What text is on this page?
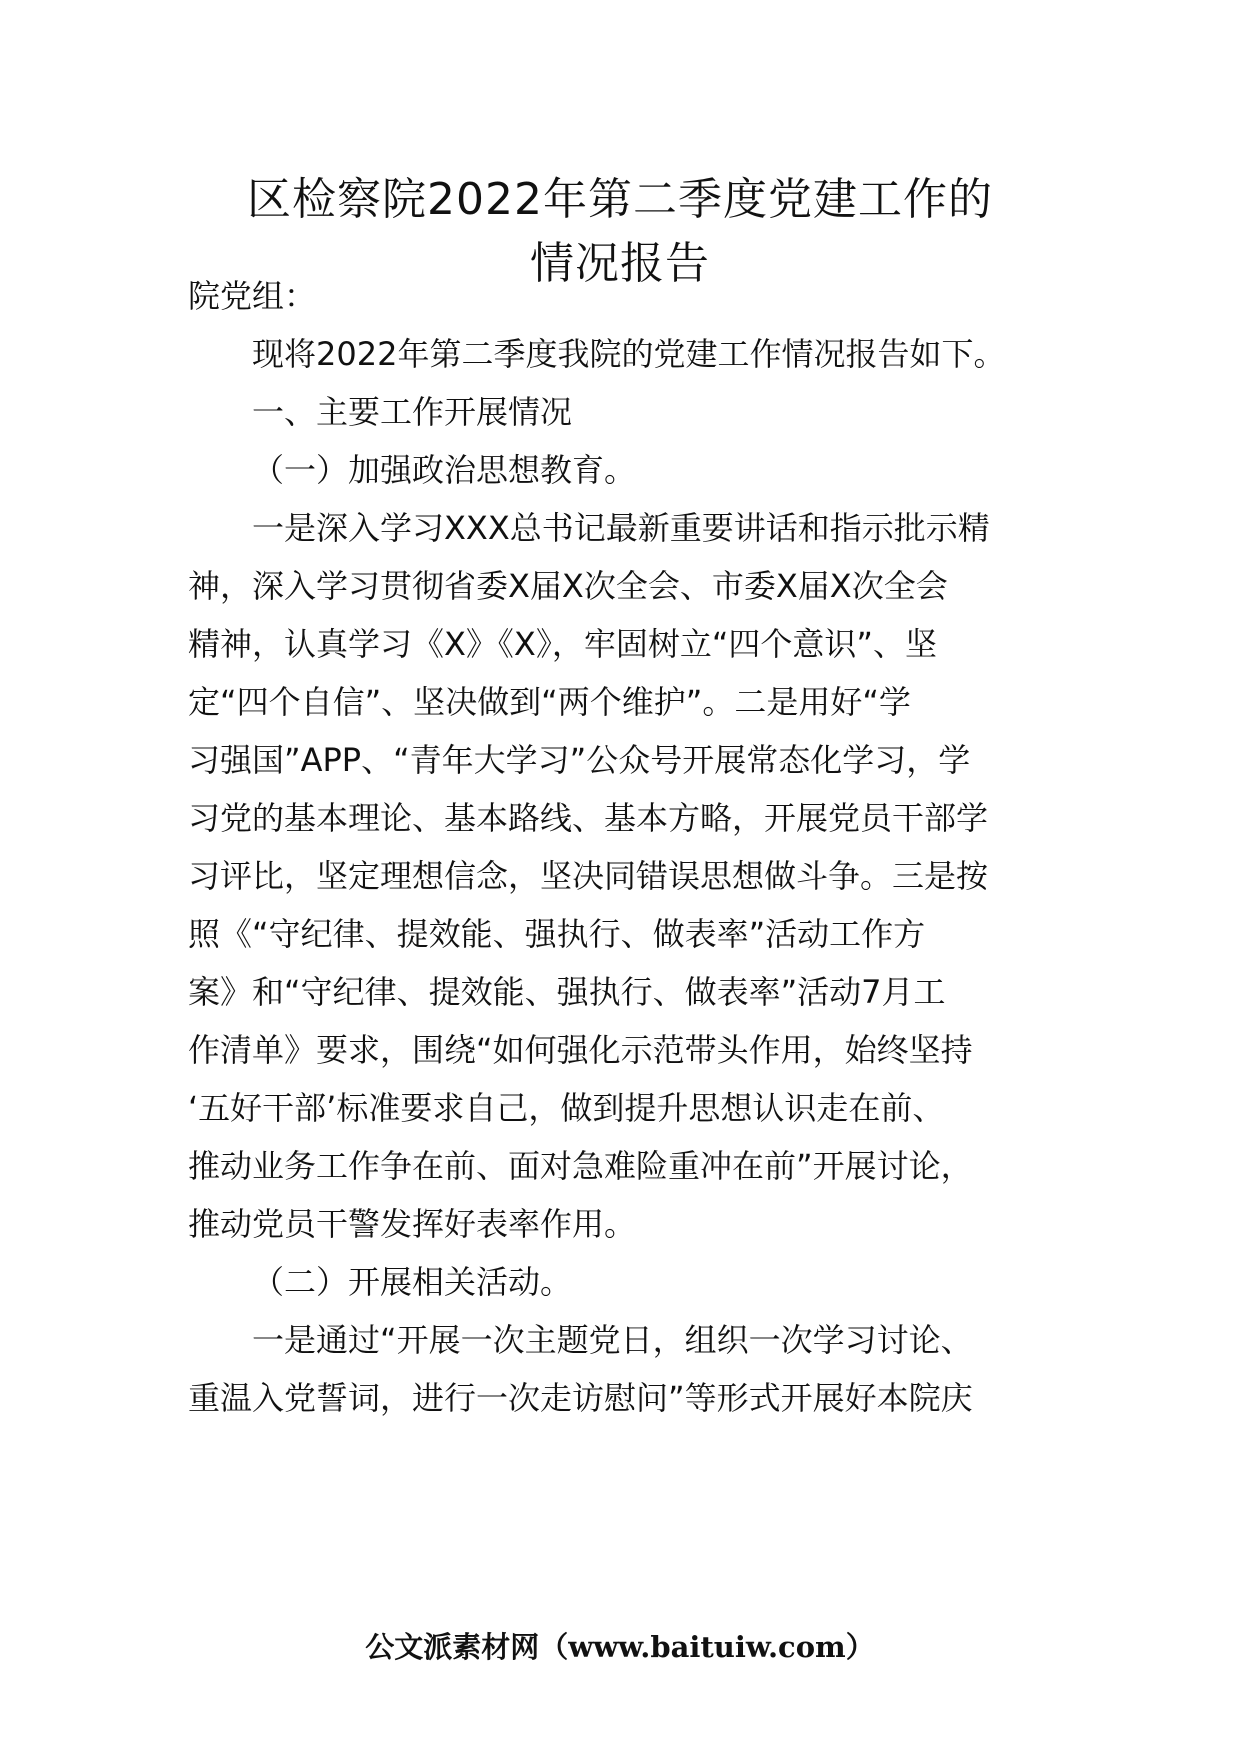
区检察院2022年第二季度党建工作的
情况报告
院党组：
现将2022年第二季度我院的党建工作情况报告如下。
一、主要工作开展情况
（一）加强政治思想教育。
一是深入学习XXX总书记最新重要讲话和指示批示精
神，深入学习贯彻省委X届X次全会、市委X届X次全会
精神，认真学习《X》《X》，牢固树立“四个意识”、坚
定“四个自信”、坚决做到“两个维护”。二是用好“学
习强国”APP、“青年大学习”公众号开展常态化学习，学
习党的基本理论、基本路线、基本方略，开展党员干部学
习评比，坚定理想信念，坚决同错误思想做斗争。三是按
照《“守纪律、提效能、强执行、做表率”活动工作方
案》和“守纪律、提效能、强执行、做表率”活动7月工
作清单》要求，围绕“如何强化示范带头作用，始终坚持
‘五好干部’标准要求自己，做到提升思想认识走在前、
推动业务工作争在前、面对急难险重冲在前”开展讨论，
推动党员干警发挥好表率作用。
（二）开展相关活动。
一是通过“开展一次主题党日，组织一次学习讨论、
重温入党誓词，进行一次走访慰问”等形式开展好本院庆
公文派素材网（www.baituiw.com）
